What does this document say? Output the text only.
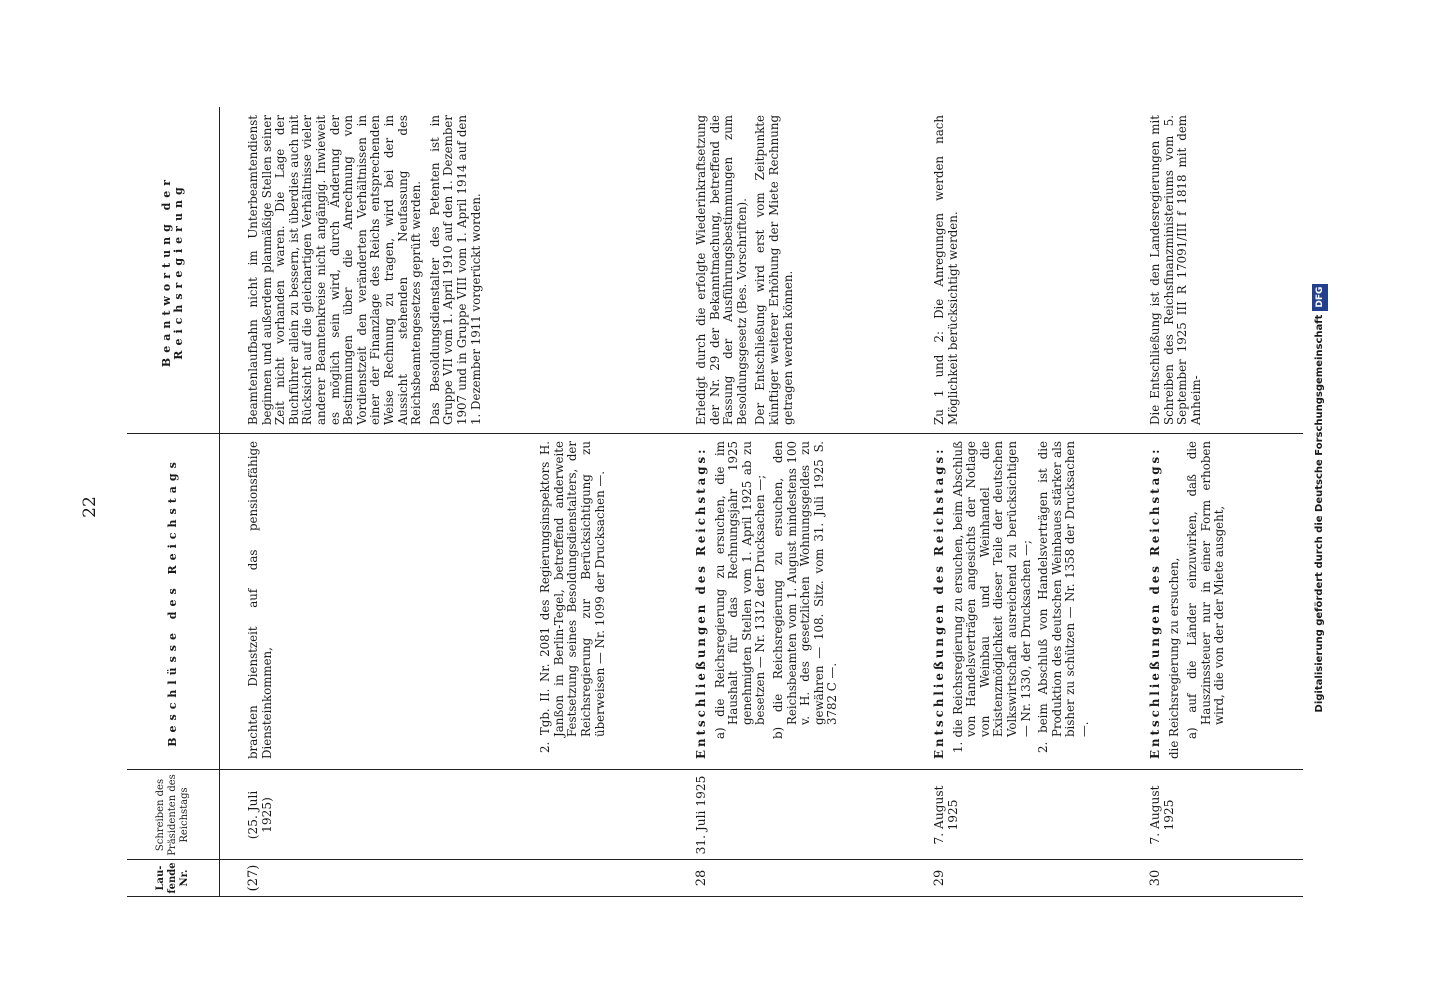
22	Digitalisierung gefördert durch die Deutsche ForschungsgemeinschaftDFG
Lau- fende Nr.
Schreiben des Präsidenten des Reichstags
Beschlüsse des Reichstags
Beantwortung der Reichsregierung
(27)
(25. Juli 1925)

brachten Dienstzeit auf das pensionsfähige Diensteinkommen,	2. Tgb. II. Nr. 2081 des Regierungsinspektors H. Janßon in Berlin-Tegel, betreffend anderweite Festsetzung seines Besoldungsdienstalters, der Reichsregierung zur Berücksichtigung zu überweisen — Nr. 1099 der Drucksachen —.

Beamtenlaufbahn nicht im Unterbeamtendienst beginnen und außerdem planmäßige Stellen seiner Zeit nicht vorhanden waren. Die Lage der Buchführer allein zu bessern, ist überdies auch mit Rücksicht auf die gleichartigen Verhältnisse vieler anderer Beamtenkreise nicht angängig. Inwieweit es möglich sein wird, durch Änderung der Bestimmungen über die Anrechnung von Vordienstzeit den veränderten Verhältnissen in einer der Finanzlage des Reichs entsprechenden Weise Rechnung zu tragen, wird bei der in Aussicht stehenden Neufassung des Reichsbeamtengesetzes geprüft werden. Das Besoldungsdienstalter des Petenten ist in Gruppe VII vom 1. April 1910 auf den 1. Dezember 1907 und in Gruppe VIII vom 1. April 1914 auf den 1. Dezember 1911 vorgerückt worden.

28
31. Juli 1925

Entschließungen des Reichstags: a) die Reichsregierung zu ersuchen, die im Haushalt für das Rechnungsjahr 1925 genehmigten Stellen vom 1. April 1925 ab zu besetzen — Nr. 1312 der Drucksachen —; b) die Reichsregierung zu ersuchen, den Reichsbeamten vom 1. August mindestens 100 v. H. des gesetzlichen Wohnungsgeldes zu gewähren — 108. Sitz. vom 31. Juli 1925 S. 3782 C —.

Erledigt durch die erfolgte Wiederinkraftsetzung der Nr. 29 der Bekanntmachung, betreffend die Fassung der Ausführungsbestimmungen zum Besoldungsgesetz (Bes. Vorschriften). Der Entschließung wird erst vom Zeitpunkte künftiger weiterer Erhöhung der Miete Rechnung getragen werden können.

29
7. August 1925

Entschließungen des Reichstags: 1. die Reichsregierung zu ersuchen, beim Abschluß von Handelsverträgen angesichts der Notlage von Weinbau und Weinhandel die Existenzmöglichkeit dieser Teile der deutschen Volkswirtschaft ausreichend zu berücksichtigen — Nr. 1330, der Drucksachen —; 2. beim Abschluß von Handelsverträgen ist die Produktion des deutschen Weinbaues stärker als bisher zu schützen — Nr. 1358 der Drucksachen —.

Zu 1 und 2: Die Anregungen werden nach Möglichkeit berücksichtigt werden.

30
7. August 1925

Entschließungen des Reichstags: die Reichsregierung zu ersuchen, a) auf die Länder einzuwirken, daß die Hauszinssteuer nur in einer Form erhoben wird, die von der der Miete ausgeht,

Die Entschließung ist den Landesregierungen mit Schreiben des Reichsfinanzministeriums vom 5. September 1925 III R 17091/III f 1818 mit dem Anheim-
